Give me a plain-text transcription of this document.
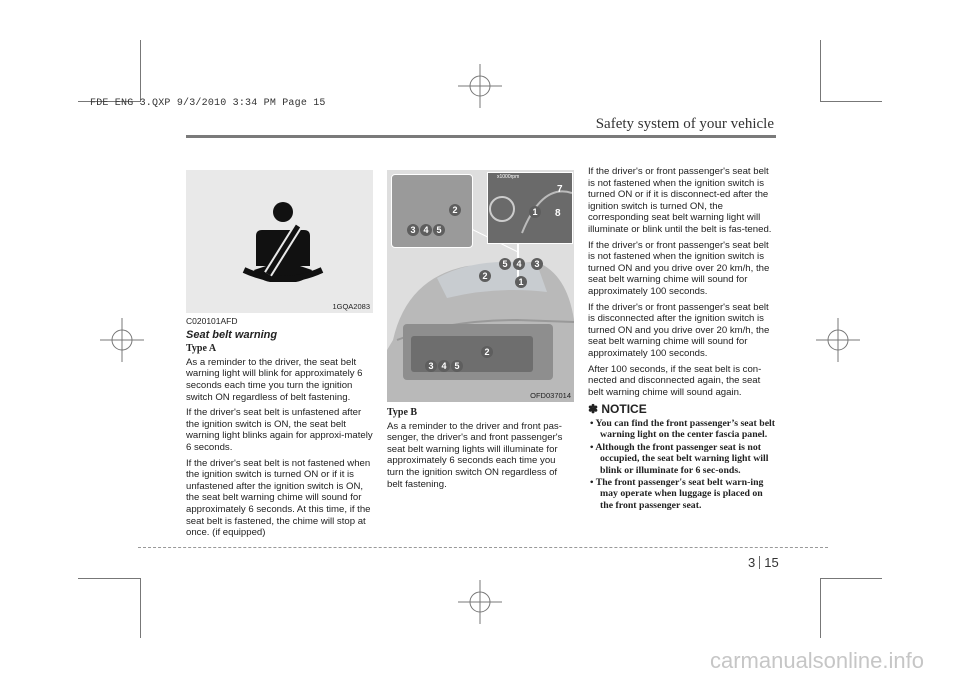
FDE ENG 3.QXP 9/3/2010 3:34 PM Page 15
Safety system of your vehicle
1GQA2083
C020101AFD
Seat belt warning
Type A

As a reminder to the driver, the seat belt warning light will blink for approximately 6 seconds each time you turn the ignition switch ON regardless of belt fastening.

If the driver's seat belt is unfastened after the ignition switch is ON, the seat belt warning light blinks again for approxi-mately 6 seconds.

If the driver's seat belt is not fastened when the ignition switch is turned ON or if it is unfastened after the ignition switch is ON, the seat belt warning chime will sound for approximately 6 seconds. At this time, if the seat belt is fastened, the chime will stop at once. (if equipped)

x1000rpm
7
8
2
3 4 5
1
5 4	3
2
1
3 4 5
2
OFD037014
Type B

As a reminder to the driver and front pas-senger, the driver's and front passenger's seat belt warning lights will illuminate for approximately 6 seconds each time you turn the ignition switch ON regardless of belt fastening.

If the driver's or front passenger's seat belt is not fastened when the ignition switch is turned ON or if it is disconnect-ed after the ignition switch is turned ON, the corresponding seat belt warning light will illuminate or blink until the belt is fas-tened.

If the driver's or front passenger's seat belt is not fastened when the ignition switch is turned ON and you drive over 20 km/h, the seat belt warning chime will sound for approximately 100 seconds.

If the driver's or front passenger's seat belt is disconnected after the ignition switch is turned ON and you drive over 20 km/h, the seat belt warning chime will sound for approximately 100 seconds.

After 100 seconds, if the seat belt is con-nected and disconnected again, the seat belt warning chime will sound again.

✽ NOTICE
• You can find the front passenger’s seat belt warning light on the center fascia panel.
• Although the front passenger seat is not occupied, the seat belt warning light will blink or illuminate for 6 sec-onds.
• The front passenger's seat belt warn-ing may operate when luggage is placed on the front passenger seat.
3 15
carmanualsonline.info
